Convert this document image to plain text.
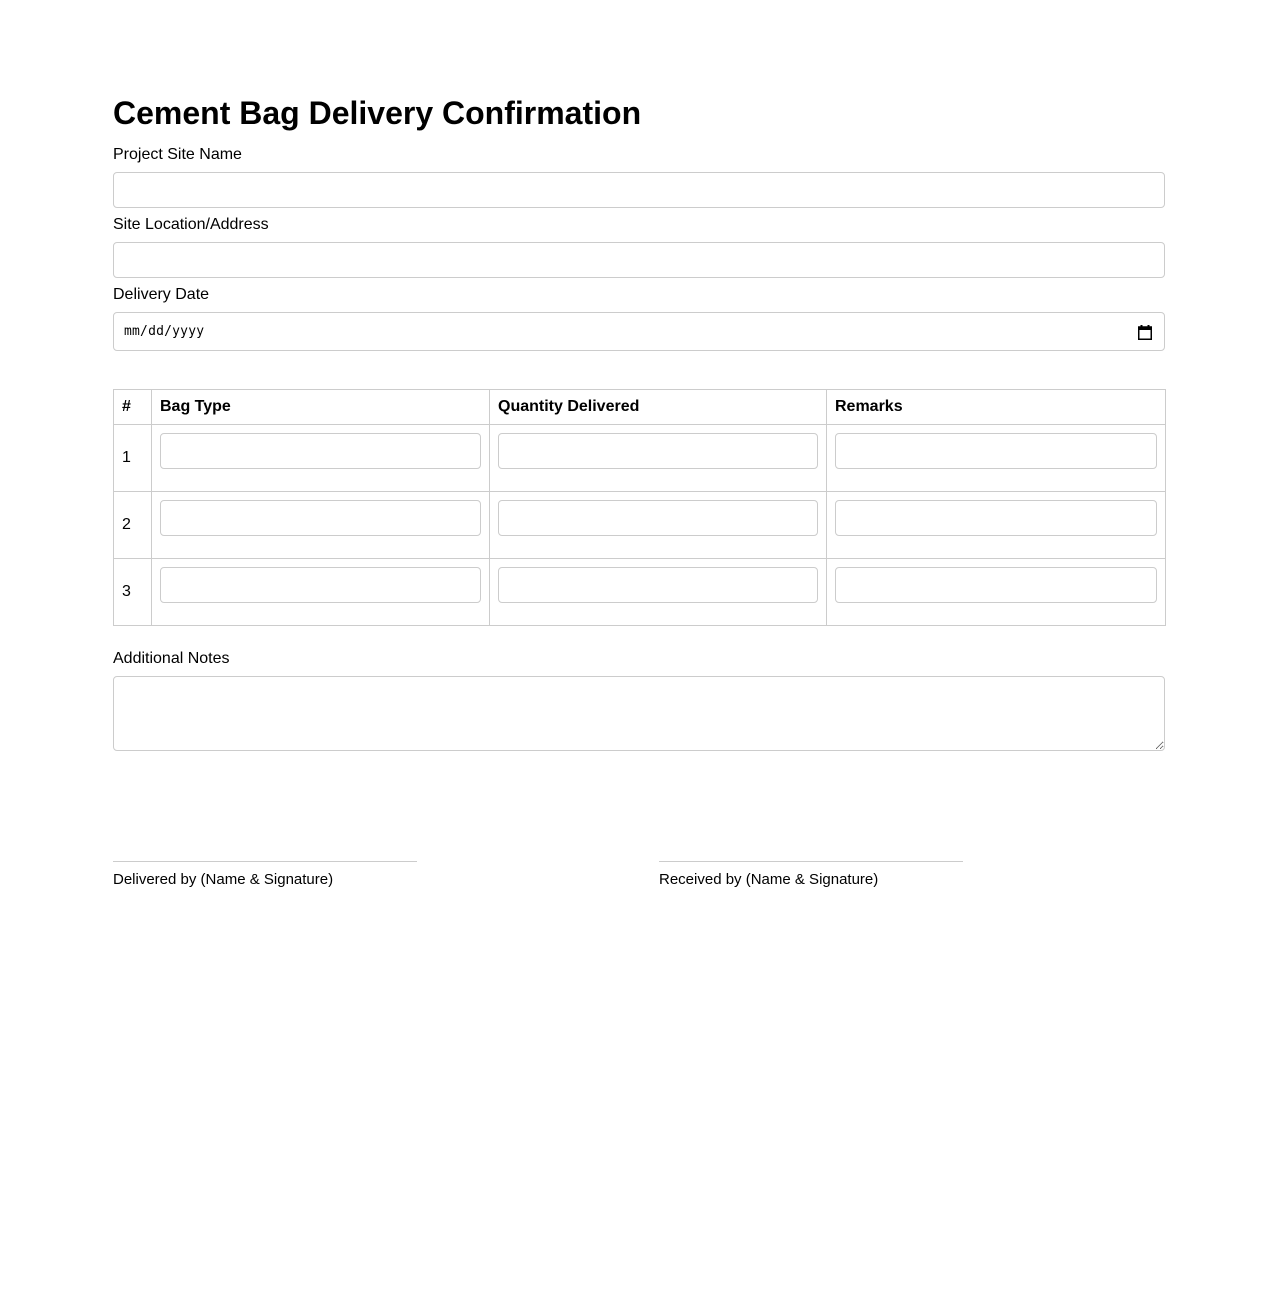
Cement Bag Delivery Confirmation
Project Site Name
Site Location/Address
Delivery Date
mm/dd/yyyy
#	Bag Type	Quantity Delivered	Remarks
1	

2	

3	

Additional Notes
Delivered by (Name & Signature)	Received by (Name & Signature)
